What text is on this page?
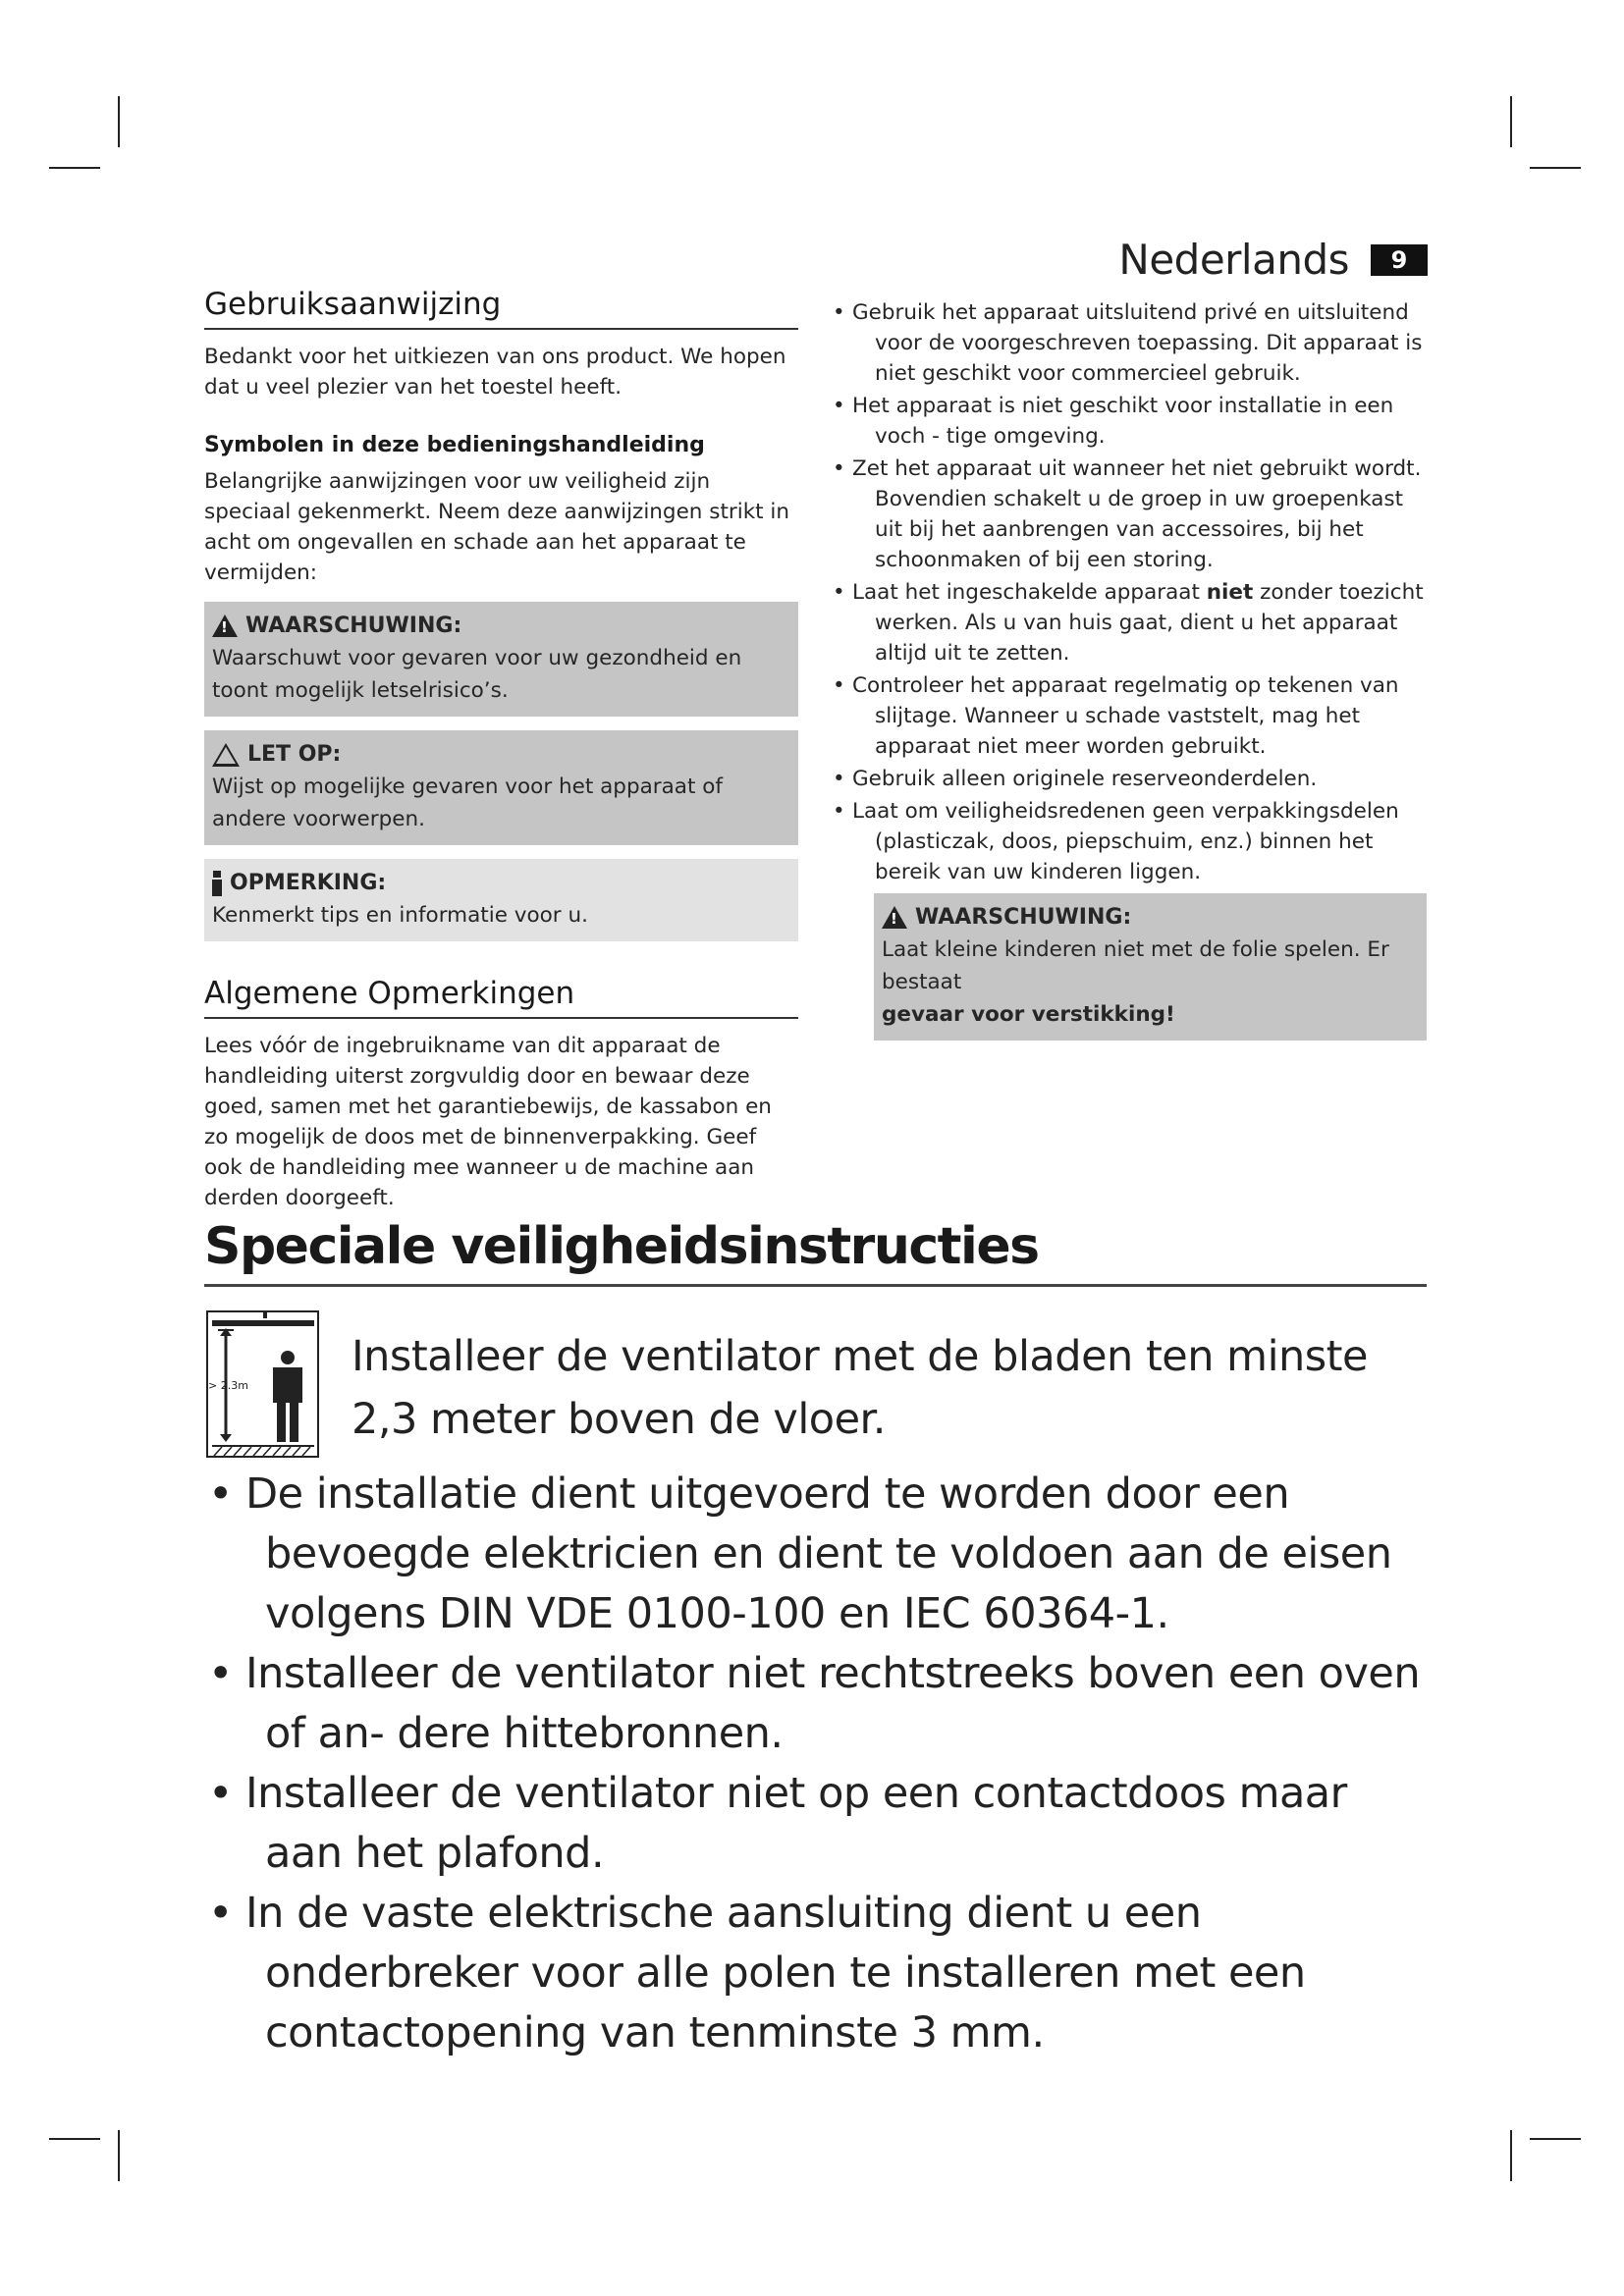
Nederlands	9
Gebruiksaanwijzing

Bedankt voor het uitkiezen van ons product. We hopen dat u veel plezier van het toestel heeft.

Symbolen in deze bedieningshandleiding

Belangrijke aanwijzingen voor uw veiligheid zijn speciaal gekenmerkt. Neem deze aanwijzingen strikt in acht om ongevallen en schade aan het apparaat te vermijden:

!
WAARSCHUWING:
Waarschuwt voor gevaren voor uw gezondheid en toont mogelijk letselrisico’s.
LET OP:
Wijst op mogelijke gevaren voor het apparaat of andere voorwerpen.
OPMERKING:
Kenmerkt tips en informatie voor u.
Algemene Opmerkingen

Lees vóór de ingebruikname van dit apparaat de handleiding uiterst zorgvuldig door en bewaar deze goed, samen met het garantiebewijs, de kassabon en zo mogelijk de doos met de binnenverpakking. Geef ook de handleiding mee wanneer u de machine aan derden doorgeeft.

• Gebruik het apparaat uitsluitend privé en uitsluitend voor de voorgeschreven toepassing. Dit apparaat is niet geschikt voor commercieel gebruik.
• Het apparaat is niet geschikt voor installatie in een voch - tige omgeving.
• Zet het apparaat uit wanneer het niet gebruikt wordt. Bovendien schakelt u de groep in uw groepenkast uit bij het aanbrengen van accessoires, bij het schoonmaken of bij een storing.
• Laat het ingeschakelde apparaat niet zonder toezicht werken. Als u van huis gaat, dient u het apparaat altijd uit te zetten.
• Controleer het apparaat regelmatig op tekenen van slijtage. Wanneer u schade vaststelt, mag het apparaat niet meer worden gebruikt.
• Gebruik alleen originele reserveonderdelen.
• Laat om veiligheidsredenen geen verpakkingsdelen (plasticzak, doos, piepschuim, enz.) binnen het bereik van uw kinderen liggen.
!
WAARSCHUWING:
Laat kleine kinderen niet met de folie spelen. Er bestaat
gevaar voor verstikking!
Speciale veiligheidsinstructies
> 2.3m
Installeer de ventilator met de bladen ten minste 2,3 meter boven de vloer.
• De installatie dient uitgevoerd te worden door een bevoegde elektricien en dient te voldoen aan de eisen volgens DIN VDE 0100-100 en IEC 60364-1.
• Installeer de ventilator niet rechtstreeks boven een oven of an- dere hittebronnen.
• Installeer de ventilator niet op een contactdoos maar aan het plafond.
• In de vaste elektrische aansluiting dient u een onderbreker voor alle polen te installeren met een contactopening van tenminste 3 mm.
